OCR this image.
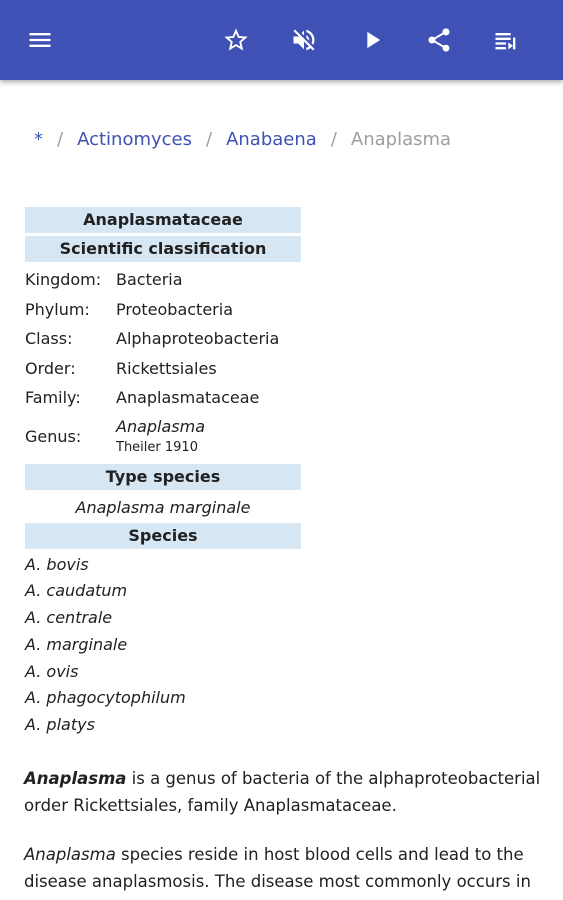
* / Actinomyces / Anabaena / Anaplasma
Anaplasmataceae
Scientific classification
Kingdom: Bacteria
Phylum:	Proteobacteria
Class:	Alphaproteobacteria
Order:	Rickettsiales
Family:	Anaplasmataceae
Genus:
Anaplasma
Theiler 1910
Type species
Anaplasma marginale
Species
A. bovis
A. caudatum
A. centrale
A. marginale
A. ovis
A. phagocytophilum
A. platys

Anaplasma is a genus of bacteria of the alphaproteobacterial order Rickettsiales, family Anaplasmataceae.

Anaplasma species reside in host blood cells and lead to the disease anaplasmosis. The disease most commonly occurs in
